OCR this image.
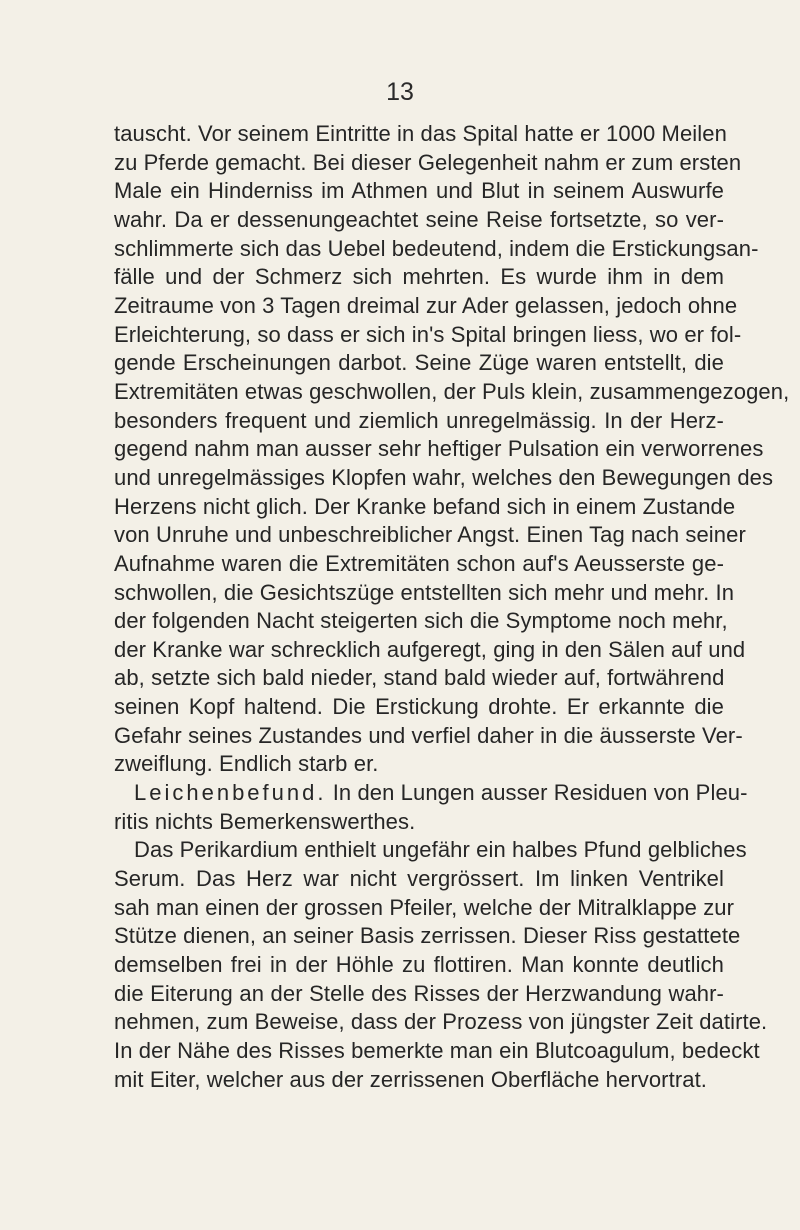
13
tauscht. Vor seinem Eintritte in das Spital hatte er 1000 Meilen
zu Pferde gemacht. Bei dieser Gelegenheit nahm er zum ersten
Male ein Hinderniss im Athmen und Blut in seinem Auswurfe
wahr. Da er dessenungeachtet seine Reise fortsetzte, so ver-
schlimmerte sich das Uebel bedeutend, indem die Erstickungsan-
fälle und der Schmerz sich mehrten. Es wurde ihm in dem
Zeitraume von 3 Tagen dreimal zur Ader gelassen, jedoch ohne
Erleichterung, so dass er sich in's Spital bringen liess, wo er fol-
gende Erscheinungen darbot. Seine Züge waren entstellt, die
Extremitäten etwas geschwollen, der Puls klein, zusammengezogen,
besonders frequent und ziemlich unregelmässig. In der Herz-
gegend nahm man ausser sehr heftiger Pulsation ein verworrenes
und unregelmässiges Klopfen wahr, welches den Bewegungen des
Herzens nicht glich. Der Kranke befand sich in einem Zustande
von Unruhe und unbeschreiblicher Angst. Einen Tag nach seiner
Aufnahme waren die Extremitäten schon auf's Aeusserste ge-
schwollen, die Gesichtszüge entstellten sich mehr und mehr. In
der folgenden Nacht steigerten sich die Symptome noch mehr,
der Kranke war schrecklich aufgeregt, ging in den Sälen auf und
ab, setzte sich bald nieder, stand bald wieder auf, fortwährend
seinen Kopf haltend. Die Erstickung drohte. Er erkannte die
Gefahr seines Zustandes und verfiel daher in die äusserste Ver-
zweiflung. Endlich starb er.
Leichenbefund. In den Lungen ausser Residuen von Pleu-
ritis nichts Bemerkenswerthes.
Das Perikardium enthielt ungefähr ein halbes Pfund gelbliches
Serum. Das Herz war nicht vergrössert. Im linken Ventrikel
sah man einen der grossen Pfeiler, welche der Mitralklappe zur
Stütze dienen, an seiner Basis zerrissen. Dieser Riss gestattete
demselben frei in der Höhle zu flottiren. Man konnte deutlich
die Eiterung an der Stelle des Risses der Herzwandung wahr-
nehmen, zum Beweise, dass der Prozess von jüngster Zeit datirte.
In der Nähe des Risses bemerkte man ein Blutcoagulum, bedeckt
mit Eiter, welcher aus der zerrissenen Oberfläche hervortrat.
